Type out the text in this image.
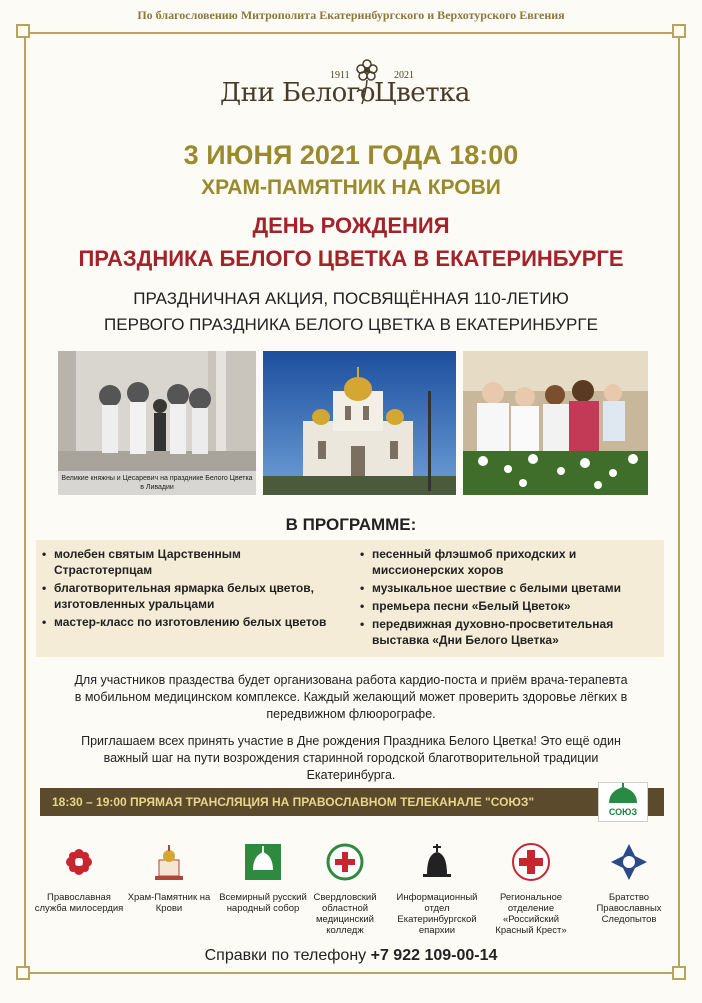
По благословению Митрополита Екатеринбургского и Верхотурского Евгения
Дни Белого
1911	2021
Цветка
3 ИЮНЯ 2021 ГОДА 18:00
ХРАМ-ПАМЯТНИК НА КРОВИ
ДЕНЬ РОЖДЕНИЯ
ПРАЗДНИКА БЕЛОГО ЦВЕТКА В ЕКАТЕРИНБУРГЕ
ПРАЗДНИЧНАЯ АКЦИЯ, ПОСВЯЩЁННАЯ 110-ЛЕТИЮ
ПЕРВОГО ПРАЗДНИКА БЕЛОГО ЦВЕТКА В ЕКАТЕРИНБУРГЕ
Великие княжны и Цесаревич на празднике Белого Цветка в Ливадии
В ПРОГРАММЕ:
• молебен святым Царственным Страстотерпцам
• благотворительная ярмарка белых цветов, изготовленных уральцами
• мастер-класс по изготовлению белых цветов
• песенный флэшмоб приходских и миссионерских хоров
• музыкальное шествие с белыми цветами
• премьера песни «Белый Цветок»
• передвижная духовно-просветительная выставка «Дни Белого Цветка»

Для участников праздества будет организована работа кардио-поста и приём врача-терапевта в мобильном медицинском комплексе. Каждый желающий может проверить здоровье лёгких в передвижном флюорографе.

Приглашаем всех принять участие в Дне рождения Праздника Белого Цветка! Это ещё один важный шаг на пути возрождения старинной городской благотворительной традиции Екатеринбурга.

18:30 – 19:00 ПРЯМАЯ ТРАНСЛЯЦИЯ НА ПРАВОСЛАВНОМ ТЕЛЕКАНАЛЕ "СОЮЗ"
СОЮЗ
Православная служба милосердия
Храм-Памятник на Крови
Всемирный русский народный собор
Свердловский областной медицинский колледж
Информационный отдел Екатеринбургской епархии
Региональное отделение «Российский Красный Крест»
Братство Православных Следопытов
Справки по телефону +7 922 109-00-14
